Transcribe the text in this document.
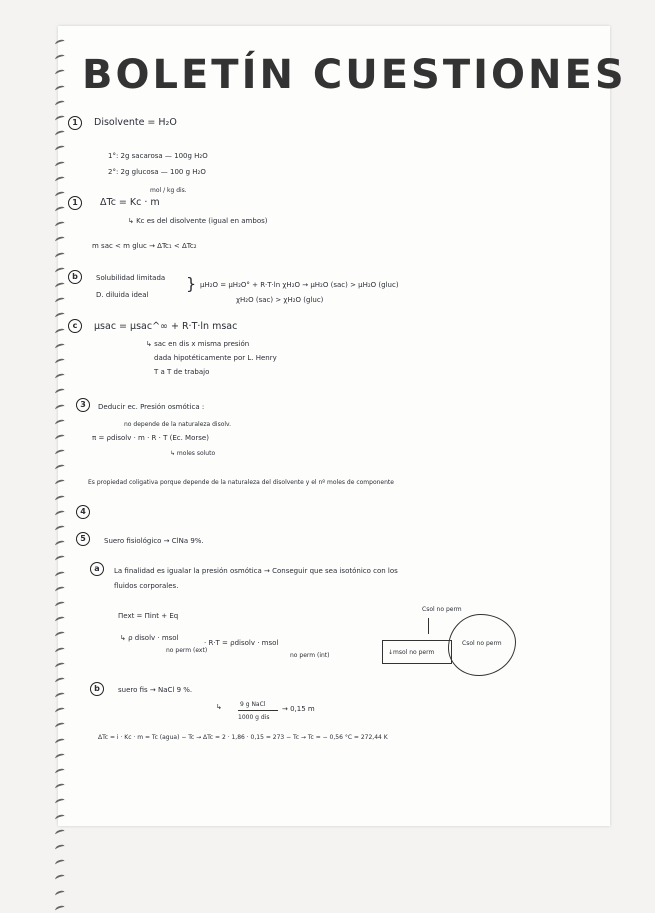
BOLETÍN CUESTIONES
1	Disolvente = H₂O
1°: 2g sacarosa — 100g H₂O
2°: 2g glucosa — 100 g H₂O
1
mol / kg dis.
ΔTc = Kc · m
↳ Kc es del disolvente (igual en ambos)
m sac < m gluc → ΔTc₁ < ΔTc₂
b	Solubilidad limitada
D. diluida ideal
} μH₂O = μH₂O° + R·T·ln χH₂O → μH₂O (sac) > μH₂O (gluc)
χH₂O (sac) > χH₂O (gluc)
c	μsac = μsac^∞ + R·T·ln msac
↳ sac en dis x misma presión
dada hipotéticamente por L. Henry
T a T de trabajo
3	Deducir ec. Presión osmótica :
no depende de la naturaleza disolv.
π = ρdisolv · m · R · T (Ec. Morse)
↳ moles soluto
Es propiedad coligativa porque depende de la naturaleza del disolvente y el nº moles de componente
4
5	Suero fisiológico → ClNa 9%.
a	La finalidad es igualar la presión osmótica → Conseguir que sea isotónico con los
fluidos corporales.
Πext = Πint + Eq
↳ ρ disolv · msol
no perm (ext)
· R·T = ρdisolv · msol
no perm (int)
Csol no perm
↓msol no perm
Csol no perm
b	suero fis → NaCl 9 %.
↳	9 g NaCl
1000 g dis
→ 0,15 m
ΔTc = i · Kc · m = Tc (agua) − Tc → ΔTc = 2 · 1,86 · 0,15 = 273 − Tc → Tc = − 0,56 °C = 272,44 K
